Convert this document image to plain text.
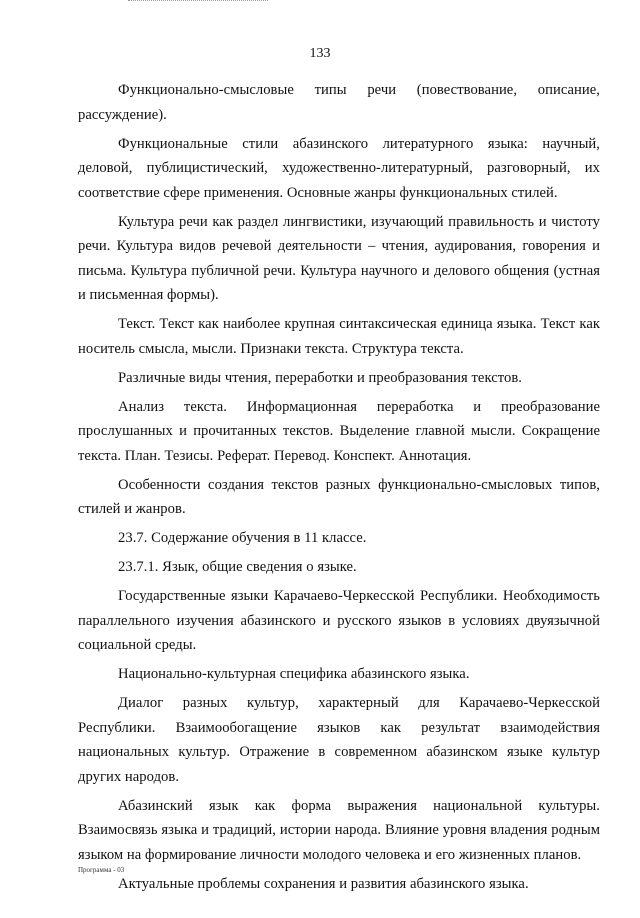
133

Функционально-смысловые типы речи (повествование, описание, рассуждение).

Функциональные стили абазинского литературного языка: научный, деловой, публицистический, художественно-литературный, разговорный, их соответствие сфере применения. Основные жанры функциональных стилей.

Культура речи как раздел лингвистики, изучающий правильность и чистоту речи. Культура видов речевой деятельности – чтения, аудирования, говорения и письма. Культура публичной речи. Культура научного и делового общения (устная и письменная формы).

Текст. Текст как наиболее крупная синтаксическая единица языка. Текст как носитель смысла, мысли. Признаки текста. Структура текста.

Различные виды чтения, переработки и преобразования текстов.

Анализ текста. Информационная переработка и преобразование прослушанных и прочитанных текстов. Выделение главной мысли. Сокращение текста. План. Тезисы. Реферат. Перевод. Конспект. Аннотация.

Особенности создания текстов разных функционально-смысловых типов, стилей и жанров.

23.7. Содержание обучения в 11 классе.

23.7.1. Язык, общие сведения о языке.

Государственные языки Карачаево-Черкесской Республики. Необходимость параллельного изучения абазинского и русского языков в условиях двуязычной социальной среды.

Национально-культурная специфика абазинского языка.

Диалог разных культур, характерный для Карачаево-Черкесской Республики. Взаимообогащение языков как результат взаимодействия национальных культур. Отражение в современном абазинском языке культур других народов.

Абазинский язык как форма выражения национальной культуры. Взаимосвязь языка и традиций, истории народа. Влияние уровня владения родным языком на формирование личности молодого человека и его жизненных планов.

Актуальные проблемы сохранения и развития абазинского языка.

Программа - 03
